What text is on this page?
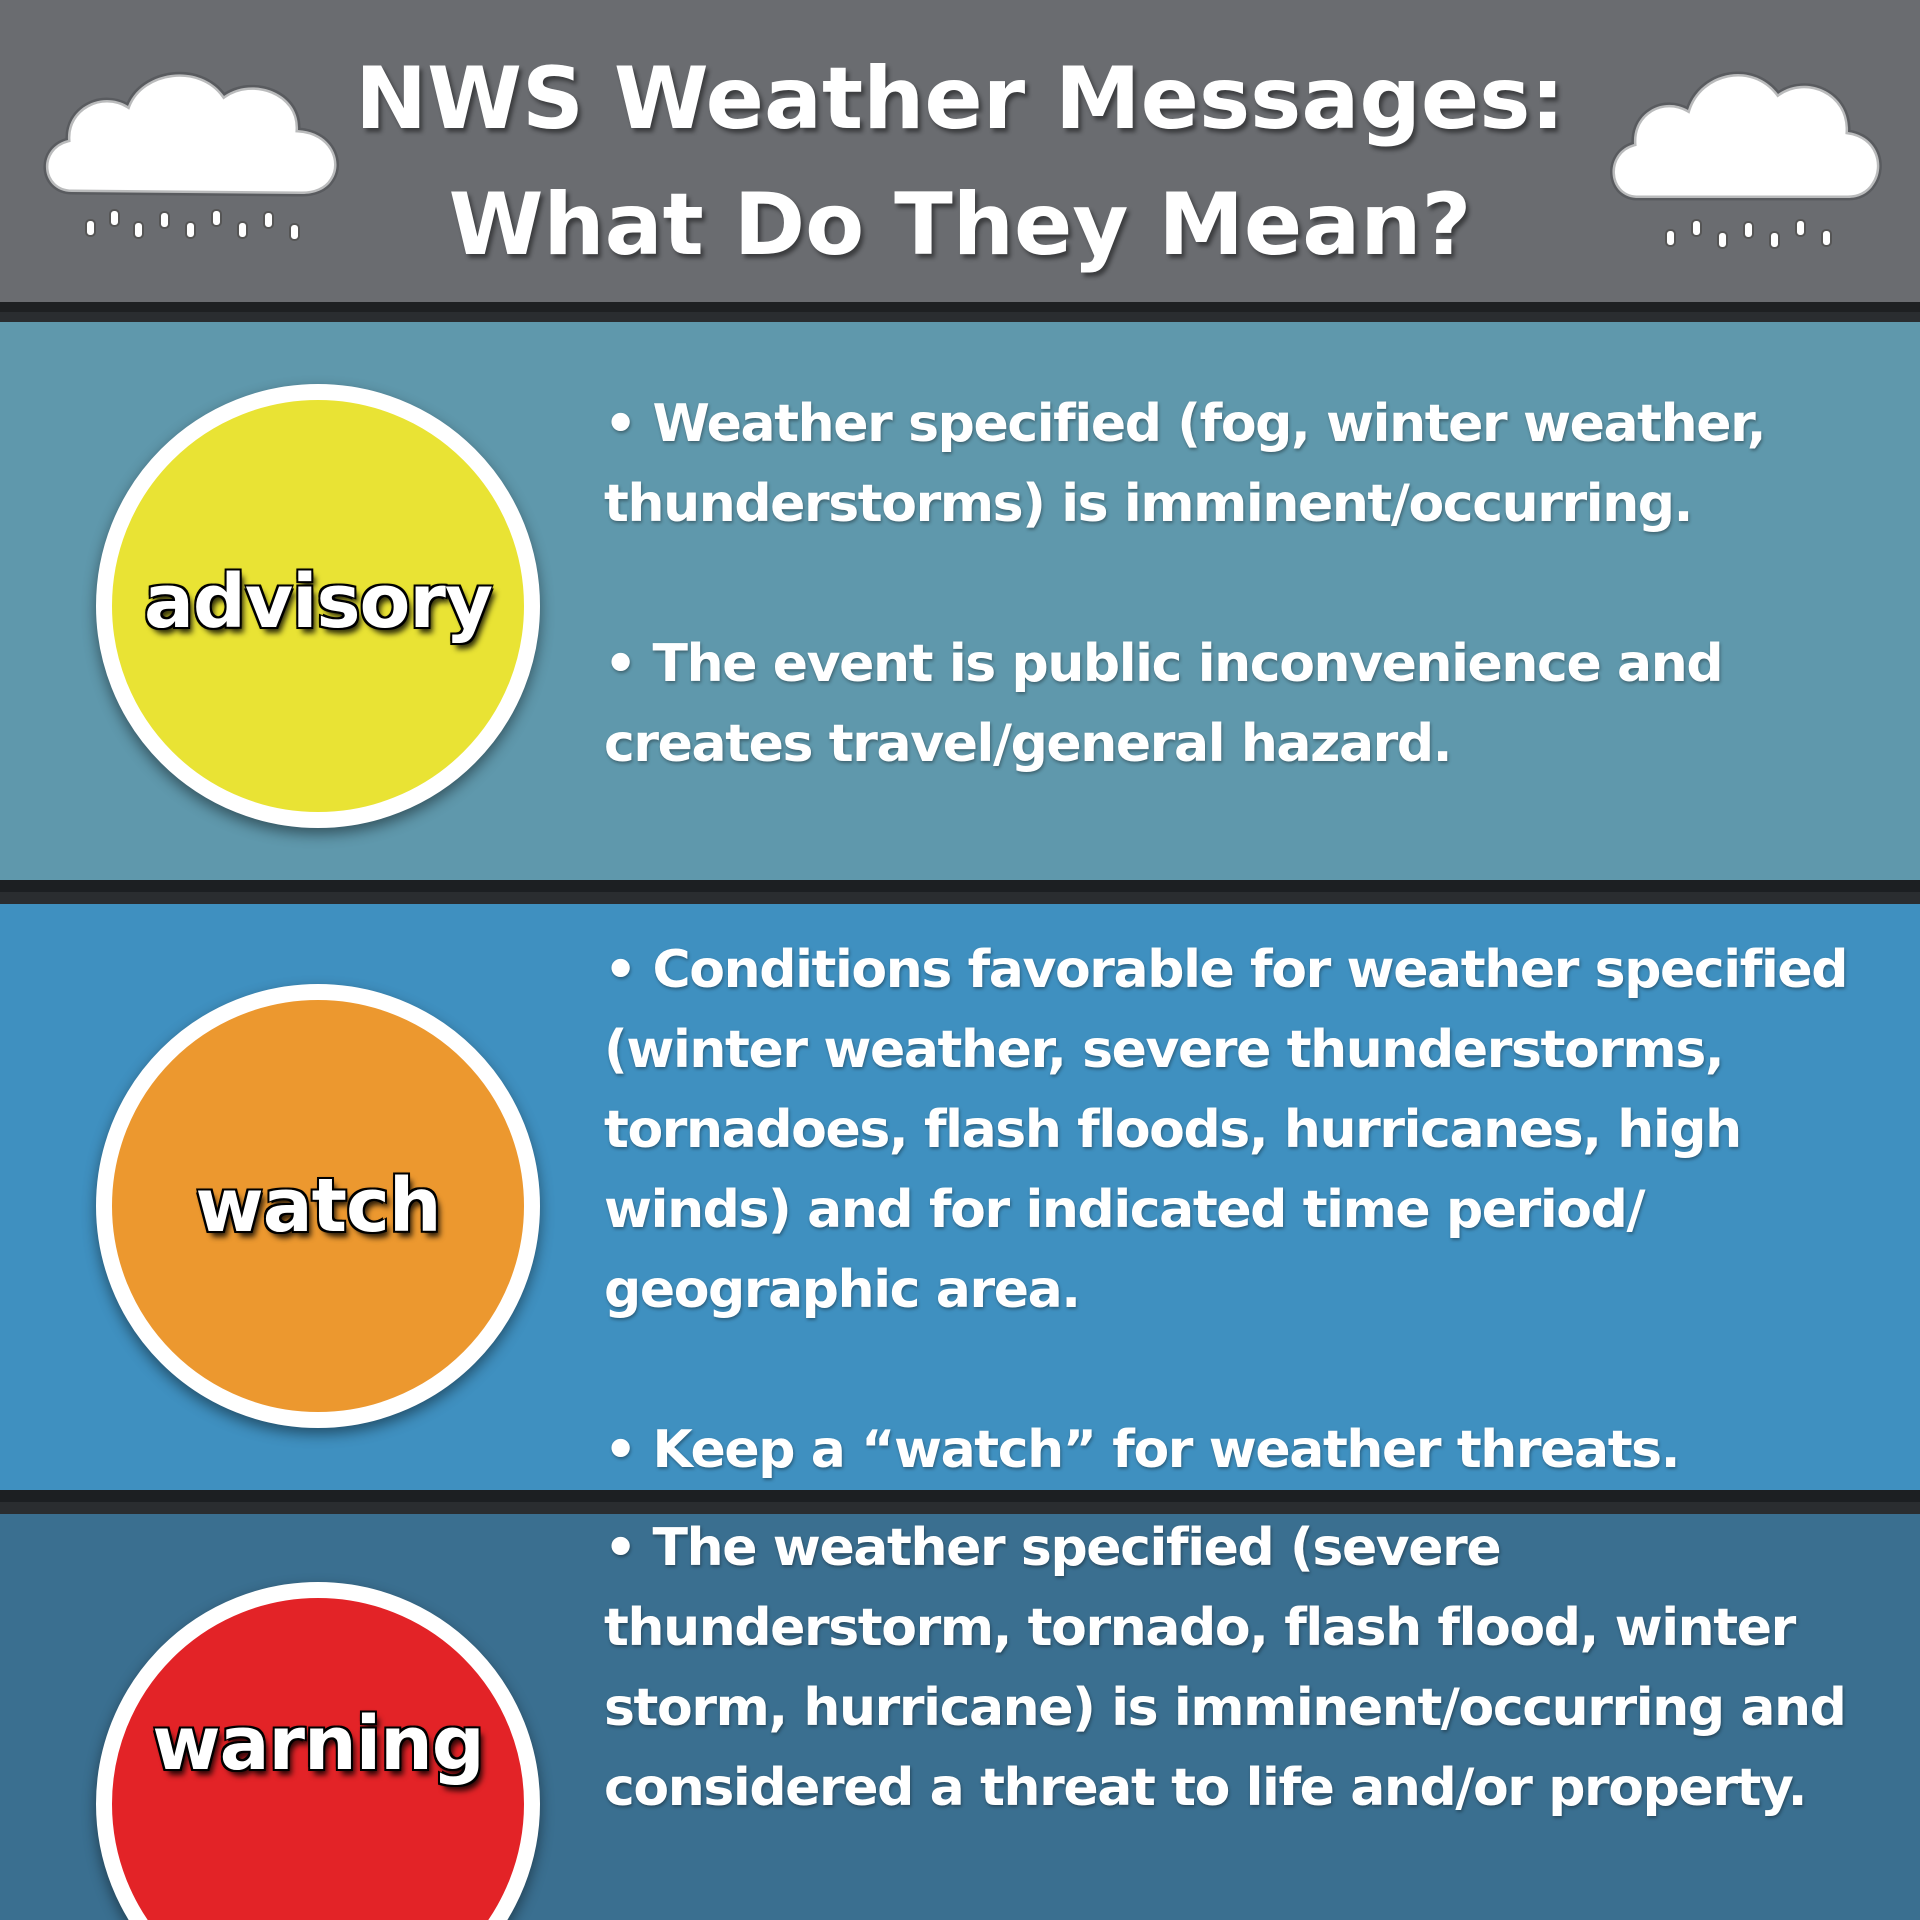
NWS Weather Messages:
What Do They Mean?
advisory
• Weather specified (fog, winter weather, thunderstorms) is imminent/occurring.
• The event is public inconvenience and creates travel/general hazard.
watch
• Conditions favorable for weather specified (winter weather, severe thunderstorms, tornadoes, flash floods, hurricanes, high winds) and for indicated time period/ geographic area.
• Keep a “watch” for weather threats.
warning
• The weather specified (severe thunderstorm, tornado, flash flood, winter storm, hurricane) is imminent/occurring and considered a threat to life and/or property.
